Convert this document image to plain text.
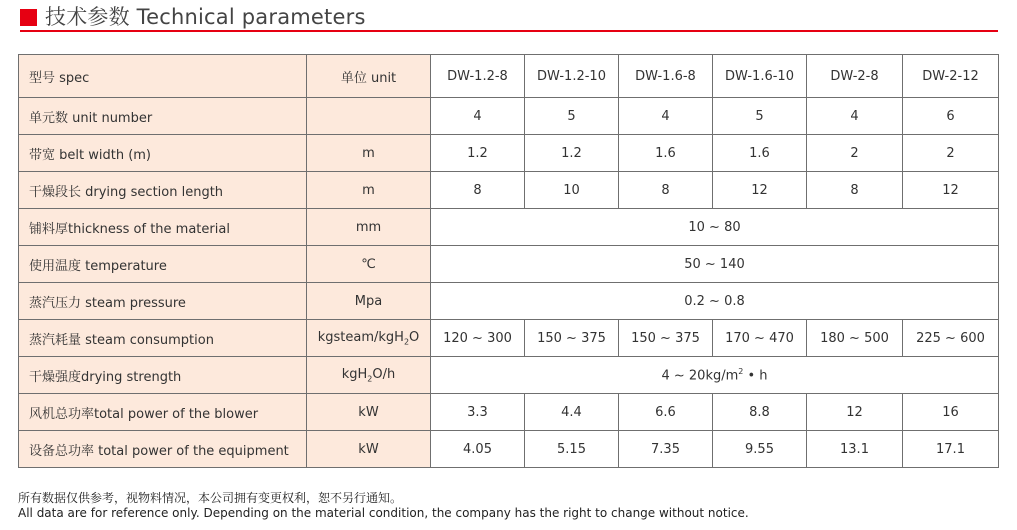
技术参数 Technical parameters
型号 spec	单位 unit	DW-1.2-8	DW-1.2-10	DW-1.6-8	DW-1.6-10	DW-2-8	DW-2-12
单元数 unit number		4	5	4	5	4	6
带宽 belt width (m)	m	1.2	1.2	1.6	1.6	2	2
干燥段长 drying section length	m	8	10	8	12	8	12
铺料厚thickness of the material	mm	10 ~ 80					
使用温度 temperature	℃	50 ~ 140					
蒸汽压力 steam pressure	Mpa	0.2 ~ 0.8					
蒸汽耗量 steam consumption	kgsteam/kgH$_2$O	120 ~ 300	150 ~ 375	150 ~ 375	170 ~ 470	180 ~ 500	225 ~ 600
干燥强度drying strength	kgH$_2$O/h	4 ~ $20kg/m^2$ • h					
风机总功率total power of the blower	kW	3.3	4.4	6.6	8.8	12	16
设备总功率 total power of the equipment	kW	4.05	5.15	7.35	9.55	13.1	17.1
所有数据仅供参考，视物料情况，本公司拥有变更权利，恕不另行通知。
All data are for reference only. Depending on the material condition, the company has the right to change without notice.
